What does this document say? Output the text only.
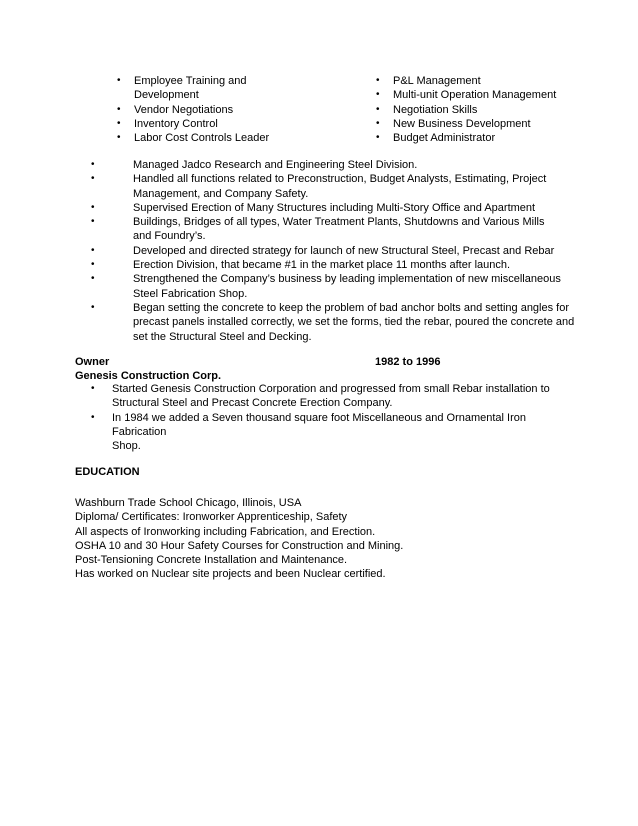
• Employee Training and
Development
• Vendor Negotiations
• Inventory Control
• Labor Cost Controls Leader
• P&L Management
• Multi-unit Operation Management
• Negotiation Skills
• New Business Development
• Budget Administrator
•	Managed Jadco Research and Engineering Steel Division.
•	Handled all functions related to Preconstruction, Budget Analysts, Estimating, Project
Management, and Company Safety.
•	Supervised Erection of Many Structures including Multi-Story Office and Apartment
•	Buildings, Bridges of all types, Water Treatment Plants, Shutdowns and Various Mills
and Foundry’s.
•	Developed and directed strategy for launch of new Structural Steel, Precast and Rebar
•	Erection Division, that became #1 in the market place 11 months after launch.
•	Strengthened the Company’s business by leading implementation of new miscellaneous
Steel Fabrication Shop.
•	Began setting the concrete to keep the problem of bad anchor bolts and setting angles for
precast panels installed correctly, we set the forms, tied the rebar, poured the concrete and
set the Structural Steel and Decking.
Owner	1982 to 1996
Genesis Construction Corp.
• Started Genesis Construction Corporation and progressed from small Rebar installation to
Structural Steel and Precast Concrete Erection Company.
• In 1984 we added a Seven thousand square foot Miscellaneous and Ornamental Iron Fabrication
Shop.
EDUCATION
Washburn Trade School Chicago, Illinois, USA
Diploma/ Certificates: Ironworker Apprenticeship, Safety
All aspects of Ironworking including Fabrication, and Erection.
OSHA 10 and 30 Hour Safety Courses for Construction and Mining.
Post-Tensioning Concrete Installation and Maintenance.
Has worked on Nuclear site projects and been Nuclear certified.
